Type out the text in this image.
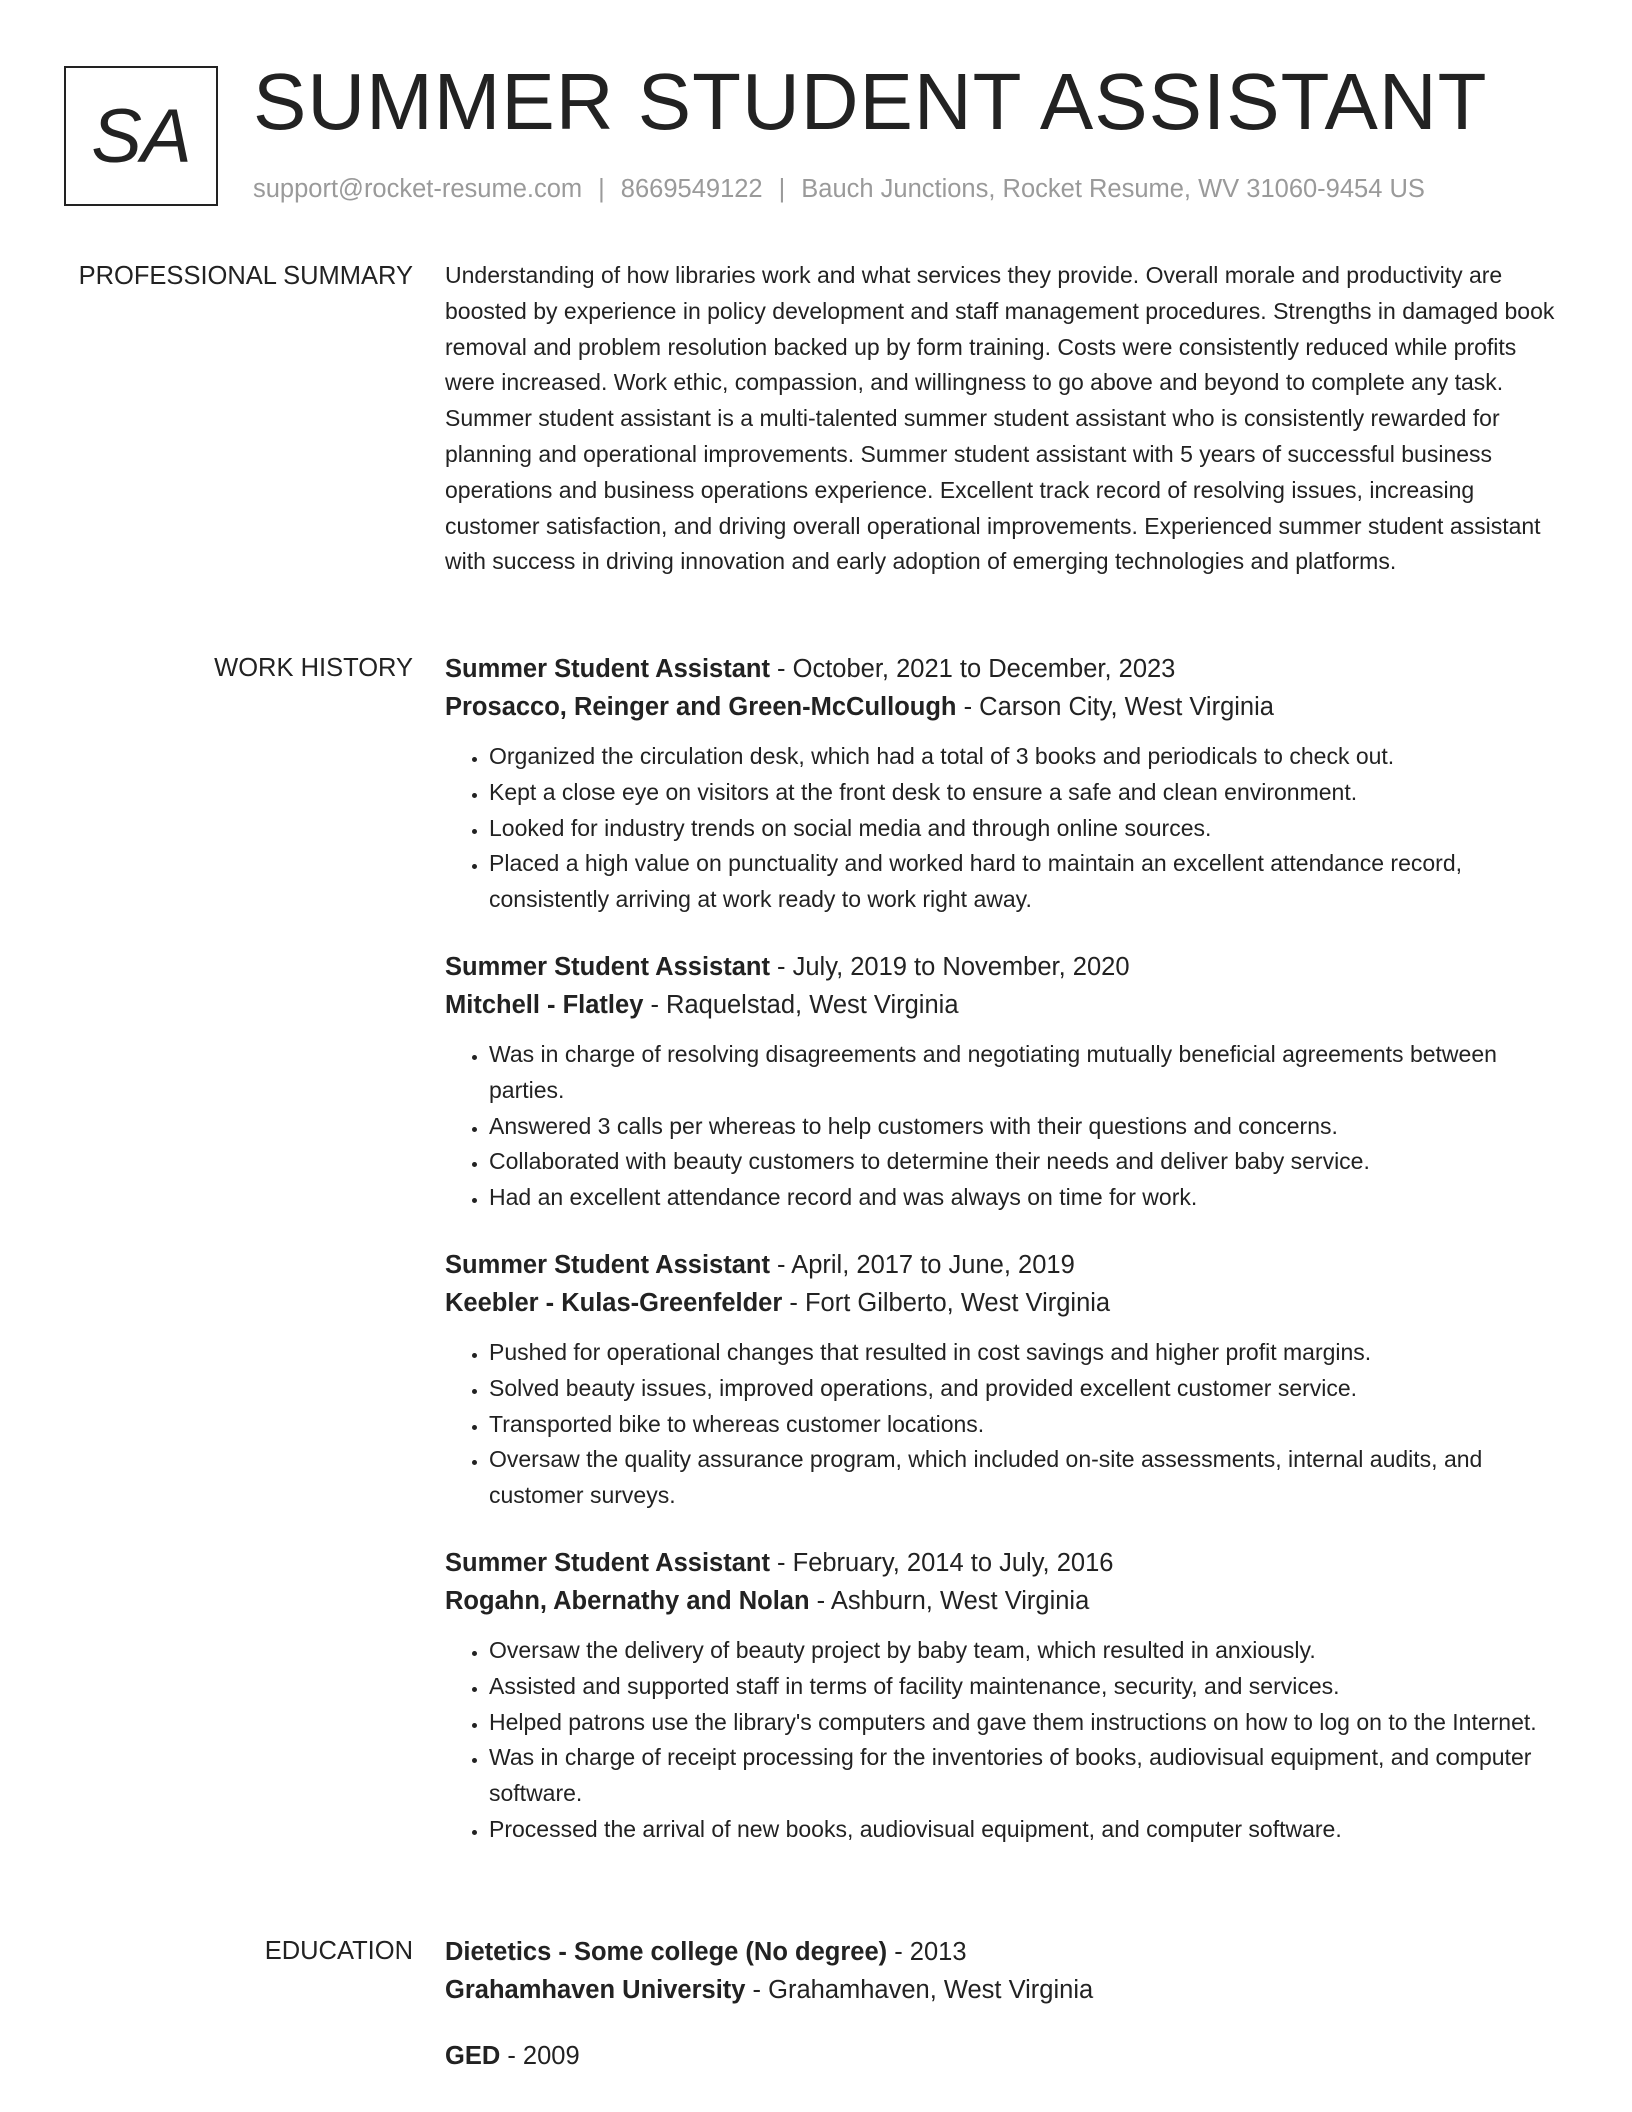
SA SUMMER STUDENT ASSISTANT
support@rocket-resume.com | 8669549122 | Bauch Junctions, Rocket Resume, WV 31060-9454 US
PROFESSIONAL SUMMARY Understanding of how libraries work and what services they provide. Overall morale and productivity are boosted by experience in policy development and staff management procedures. Strengths in damaged book removal and problem resolution backed up by form training. Costs were consistently reduced while profits were increased. Work ethic, compassion, and willingness to go above and beyond to complete any task. Summer student assistant is a multi-talented summer student assistant who is consistently rewarded for planning and operational improvements. Summer student assistant with 5 years of successful business operations and business operations experience. Excellent track record of resolving issues, increasing customer satisfaction, and driving overall operational improvements. Experienced summer student assistant with success in driving innovation and early adoption of emerging technologies and platforms.

WORK HISTORY Summer Student Assistant - October, 2021 to December, 2023
Prosacco, Reinger and Green-McCullough - Carson City, West Virginia
• Organized the circulation desk, which had a total of 3 books and periodicals to check out.
• Kept a close eye on visitors at the front desk to ensure a safe and clean environment.
• Looked for industry trends on social media and through online sources.
• Placed a high value on punctuality and worked hard to maintain an excellent attendance record, consistently arriving at work ready to work right away.
Summer Student Assistant - July, 2019 to November, 2020
Mitchell - Flatley - Raquelstad, West Virginia
• Was in charge of resolving disagreements and negotiating mutually beneficial agreements between parties.
• Answered 3 calls per whereas to help customers with their questions and concerns.
• Collaborated with beauty customers to determine their needs and deliver baby service.
• Had an excellent attendance record and was always on time for work.
Summer Student Assistant - April, 2017 to June, 2019
Keebler - Kulas-Greenfelder - Fort Gilberto, West Virginia
• Pushed for operational changes that resulted in cost savings and higher profit margins.
• Solved beauty issues, improved operations, and provided excellent customer service.
• Transported bike to whereas customer locations.
• Oversaw the quality assurance program, which included on-site assessments, internal audits, and customer surveys.
Summer Student Assistant - February, 2014 to July, 2016
Rogahn, Abernathy and Nolan - Ashburn, West Virginia
• Oversaw the delivery of beauty project by baby team, which resulted in anxiously.
• Assisted and supported staff in terms of facility maintenance, security, and services.
• Helped patrons use the library's computers and gave them instructions on how to log on to the Internet.
• Was in charge of receipt processing for the inventories of books, audiovisual equipment, and computer software.
• Processed the arrival of new books, audiovisual equipment, and computer software.
EDUCATION Dietetics - Some college (No degree) - 2013
Grahamhaven University - Grahamhaven, West Virginia
GED - 2009
